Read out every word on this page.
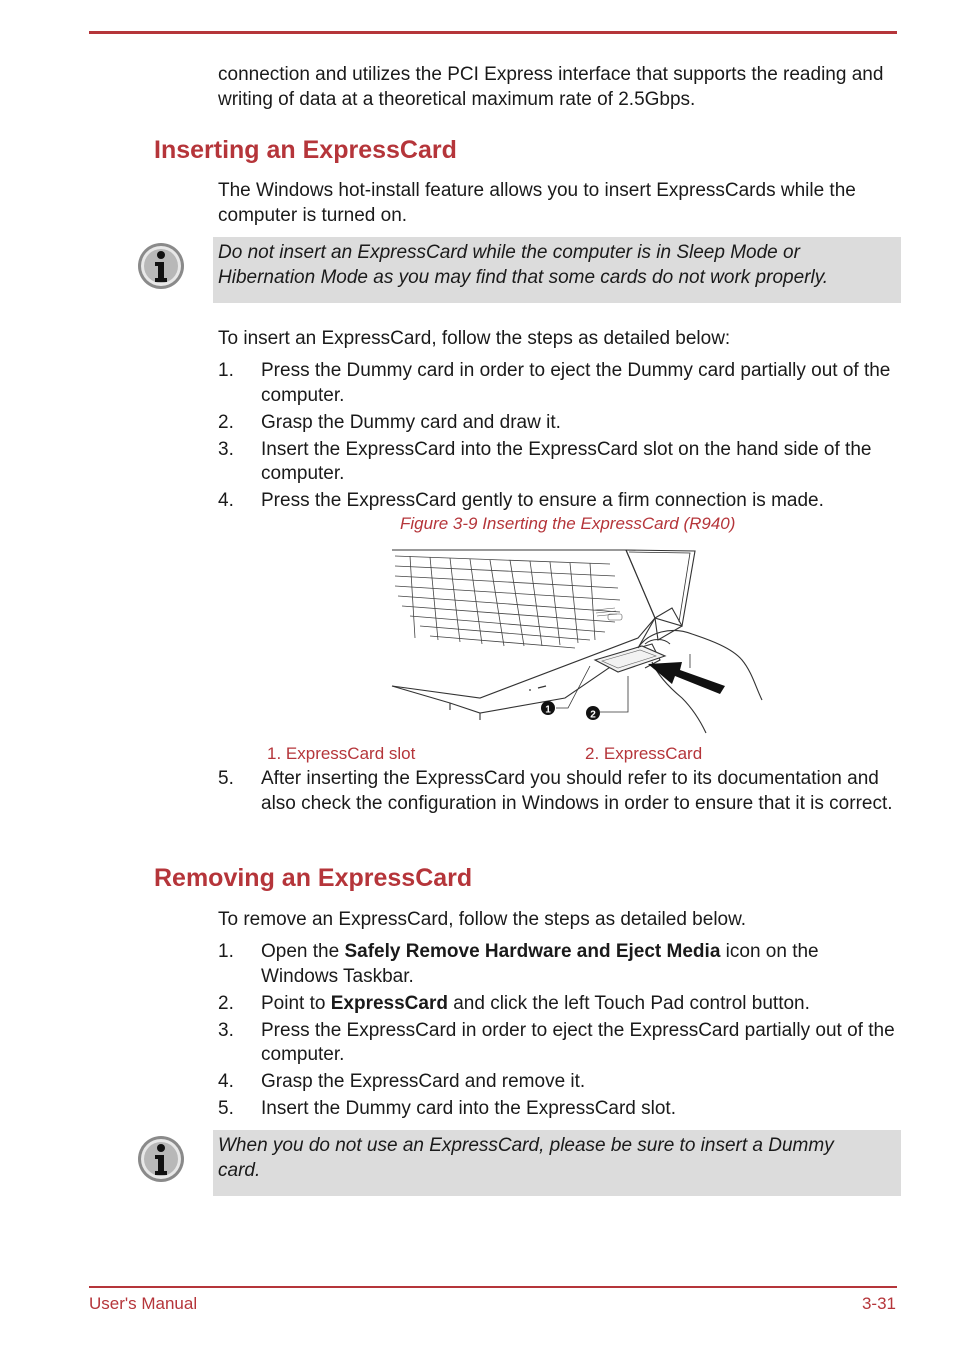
connection and utilizes the PCI Express interface that supports the reading and writing of data at a theoretical maximum rate of 2.5Gbps.
Inserting an ExpressCard
The Windows hot-install feature allows you to insert ExpressCards while the computer is turned on.
Do not insert an ExpressCard while the computer is in Sleep Mode or Hibernation Mode as you may find that some cards do not work properly.
To insert an ExpressCard, follow the steps as detailed below:
1. Press the Dummy card in order to eject the Dummy card partially out of the computer.
2. Grasp the Dummy card and draw it.
3. Insert the ExpressCard into the ExpressCard slot on the hand side of the computer.
4. Press the ExpressCard gently to ensure a firm connection is made.
Figure 3-9 Inserting the ExpressCard (R940)
1	2
1. ExpressCard slot	2. ExpressCard
5. After inserting the ExpressCard you should refer to its documentation and also check the configuration in Windows in order to ensure that it is correct.
Removing an ExpressCard
To remove an ExpressCard, follow the steps as detailed below.
1. Open the Safely Remove Hardware and Eject Media icon on the Windows Taskbar.
2. Point to ExpressCard and click the left Touch Pad control button.
3. Press the ExpressCard in order to eject the ExpressCard partially out of the computer.
4. Grasp the ExpressCard and remove it.
5. Insert the Dummy card into the ExpressCard slot.
When you do not use an ExpressCard, please be sure to insert a Dummy card.
User's Manual	3-31
